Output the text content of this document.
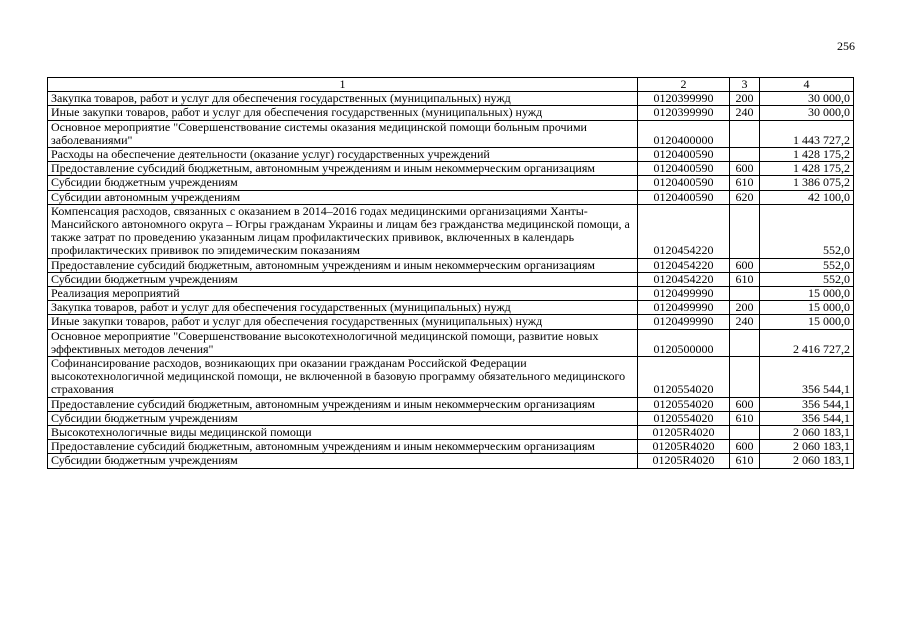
256
1	2	3	4
Закупка товаров, работ и услуг для обеспечения государственных (муниципальных) нужд	0120399990	200	30 000,0
Иные закупки товаров, работ и услуг для обеспечения государственных (муниципальных) нужд	0120399990	240	30 000,0
Основное мероприятие "Совершенствование системы оказания медицинской помощи больным прочими заболеваниями"	0120400000		1 443 727,2
Расходы на обеспечение деятельности (оказание услуг) государственных учреждений	0120400590		1 428 175,2
Предоставление субсидий бюджетным, автономным учреждениям и иным некоммерческим организациям	0120400590	600	1 428 175,2
Субсидии бюджетным учреждениям	0120400590	610	1 386 075,2
Субсидии автономным учреждениям	0120400590	620	42 100,0
Компенсация расходов, связанных с оказанием в 2014–2016 годах медицинскими организациями Ханты-Мансийского автономного округа – Югры гражданам Украины и лицам без гражданства медицинской помощи, а также затрат по проведению указанным лицам профилактических прививок, включенных в календарь профилактических прививок по эпидемическим показаниям	0120454220		552,0
Предоставление субсидий бюджетным, автономным учреждениям и иным некоммерческим организациям	0120454220	600	552,0
Субсидии бюджетным учреждениям	0120454220	610	552,0
Реализация мероприятий	0120499990		15 000,0
Закупка товаров, работ и услуг для обеспечения государственных (муниципальных) нужд	0120499990	200	15 000,0
Иные закупки товаров, работ и услуг для обеспечения государственных (муниципальных) нужд	0120499990	240	15 000,0
Основное мероприятие "Совершенствование высокотехнологичной медицинской помощи, развитие новых эффективных методов лечения"	0120500000		2 416 727,2
Софинансирование расходов, возникающих при оказании гражданам Российской Федерации высокотехнологичной медицинской помощи, не включенной в базовую программу обязательного медицинского страхования	0120554020		356 544,1
Предоставление субсидий бюджетным, автономным учреждениям и иным некоммерческим организациям	0120554020	600	356 544,1
Субсидии бюджетным учреждениям	0120554020	610	356 544,1
Высокотехнологичные виды медицинской помощи	01205R4020		2 060 183,1
Предоставление субсидий бюджетным, автономным учреждениям и иным некоммерческим организациям	01205R4020	600	2 060 183,1
Субсидии бюджетным учреждениям	01205R4020	610	2 060 183,1
